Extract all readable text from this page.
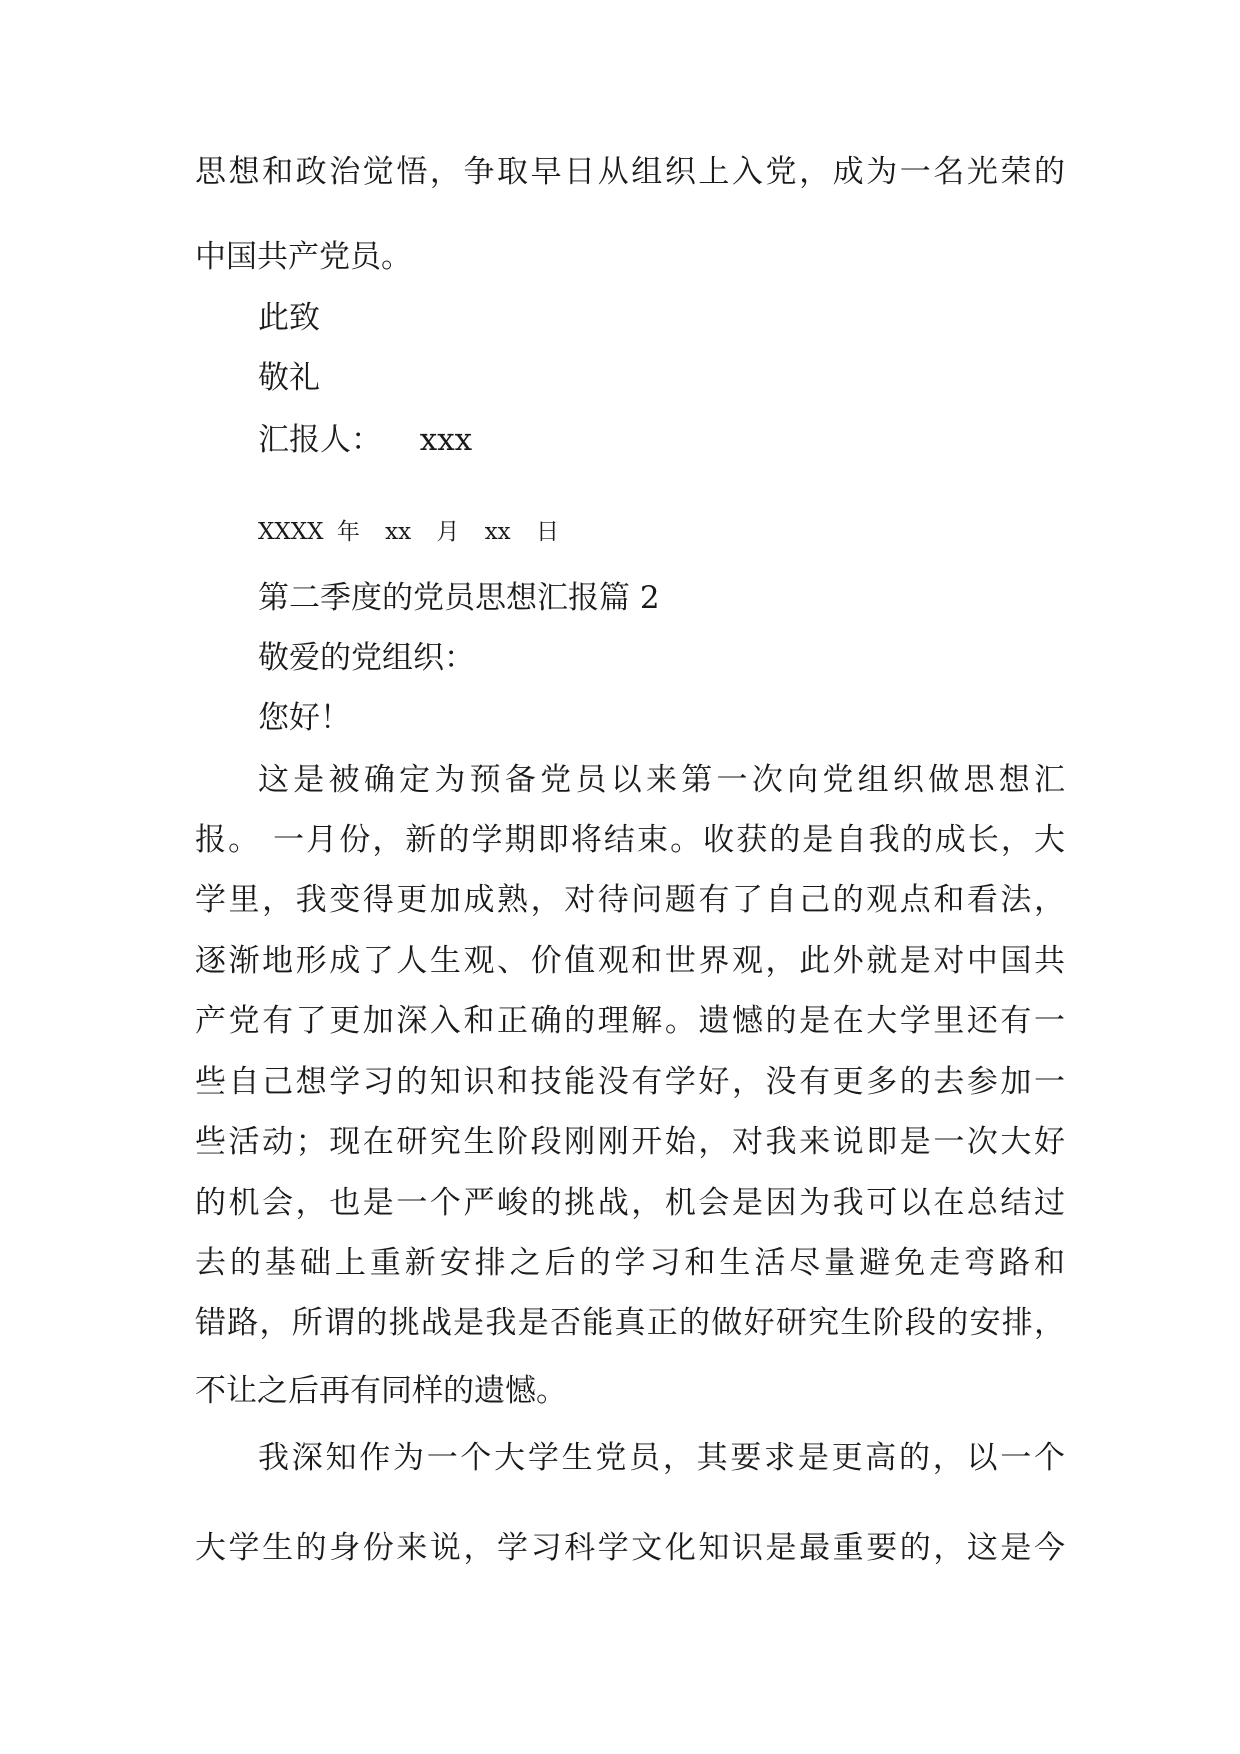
思想和政治觉悟，争取早日从组织上入党，成为一名光荣的
中国共产党员。
此致
敬礼
汇报人： xxx
XXXX 年 xx 月 xx 日
第二季度的党员思想汇报篇 2
敬爱的党组织：
您好！
这是被确定为预备党员以来第一次向党组织做思想汇
报。 一月份，新的学期即将结束。收获的是自我的成长，大
学里，我变得更加成熟，对待问题有了自己的观点和看法，
逐渐地形成了人生观、价值观和世界观，此外就是对中国共
产党有了更加深入和正确的理解。遗憾的是在大学里还有一
些自己想学习的知识和技能没有学好，没有更多的去参加一
些活动；现在研究生阶段刚刚开始，对我来说即是一次大好
的机会，也是一个严峻的挑战，机会是因为我可以在总结过
去的基础上重新安排之后的学习和生活尽量避免走弯路和
错路，所谓的挑战是我是否能真正的做好研究生阶段的安排，
不让之后再有同样的遗憾。
我深知作为一个大学生党员，其要求是更高的，以一个
大学生的身份来说，学习科学文化知识是最重要的，这是今
